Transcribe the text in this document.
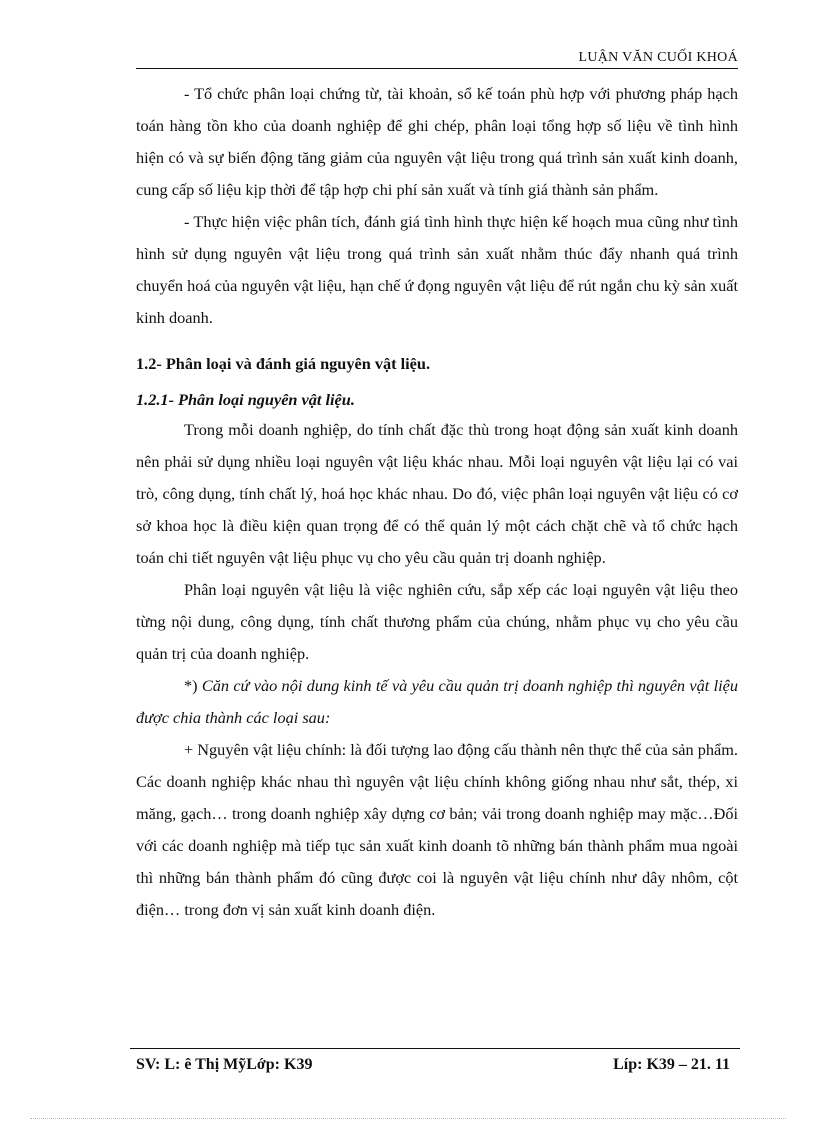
LUẬN VĂN CUỐI KHOÁ

- Tổ chức phân loại chứng từ, tài khoản, sổ kế toán phù hợp với phương pháp hạch toán hàng tồn kho của doanh nghiệp để ghi chép, phân loại tổng hợp số liệu về tình hình hiện có và sự biến động tăng giảm của nguyên vật liệu trong quá trình sản xuất kinh doanh, cung cấp số liệu kịp thời để tập hợp chi phí sản xuất và tính giá thành sản phẩm.

- Thực hiện việc phân tích, đánh giá tình hình thực hiện kế hoạch mua cũng như tình hình sử dụng nguyên vật liệu trong quá trình sản xuất nhằm thúc đẩy nhanh quá trình chuyển hoá của nguyên vật liệu, hạn chế ứ đọng nguyên vật liệu để rút ngắn chu kỳ sản xuất kinh doanh.

1.2- Phân loại và đánh giá nguyên vật liệu.

1.2.1- Phân loại nguyên vật liệu.

Trong mỗi doanh nghiệp, do tính chất đặc thù trong hoạt động sản xuất kinh doanh nên phải sử dụng nhiều loại nguyên vật liệu khác nhau. Mỗi loại nguyên vật liệu lại có vai trò, công dụng, tính chất lý, hoá học khác nhau. Do đó, việc phân loại nguyên vật liệu có cơ sở khoa học là điều kiện quan trọng để có thể quản lý một cách chặt chẽ và tổ chức hạch toán chi tiết nguyên vật liệu phục vụ cho yêu cầu quản trị doanh nghiệp.

Phân loại nguyên vật liệu là việc nghiên cứu, sắp xếp các loại nguyên vật liệu theo từng nội dung, công dụng, tính chất thương phẩm của chúng, nhằm phục vụ cho yêu cầu quản trị của doanh nghiệp.

*) Căn cứ vào nội dung kinh tế và yêu cầu quản trị doanh nghiệp thì nguyên vật liệu được chia thành các loại sau:

+ Nguyên vật liệu chính: là đối tượng lao động cấu thành nên thực thể của sản phẩm. Các doanh nghiệp khác nhau thì nguyên vật liệu chính không giống nhau như sắt, thép, xi măng, gạch… trong doanh nghiệp xây dựng cơ bản; vải trong doanh nghiệp may mặc…Đối với các doanh nghiệp mà tiếp tục sản xuất kinh doanh tõ những bán thành phẩm mua ngoài thì những bán thành phẩm đó cũng được coi là nguyên vật liệu chính như dây nhôm, cột điện… trong đơn vị sản xuất kinh doanh điện.

SV: L: ê Thị MỹLớp: K39	Líp: K39 – 21. 11
